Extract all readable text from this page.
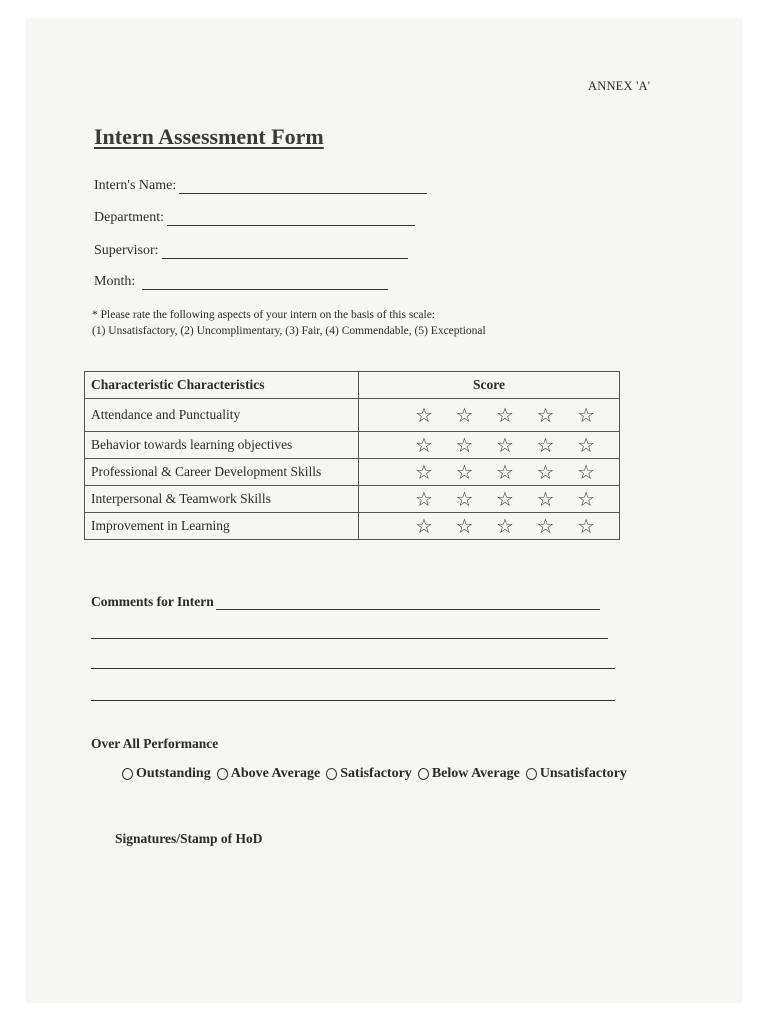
ANNEX 'A'
Intern Assessment Form
Intern's Name:
Department:
Supervisor:
Month:
* Please rate the following aspects of your intern on the basis of this scale:
(1) Unsatisfactory, (2) Uncomplimentary, (3) Fair, (4) Commendable, (5) Exceptional
Characteristic Characteristics	Score
Attendance and Punctuality	☆ ☆ ☆ ☆ ☆

Behavior towards learning objectives	☆ ☆ ☆ ☆ ☆

Professional & Career Development Skills	☆ ☆ ☆ ☆ ☆

Interpersonal & Teamwork Skills	☆ ☆ ☆ ☆ ☆

Improvement in Learning	☆ ☆ ☆ ☆ ☆
Comments for Intern
Over All Performance
Outstanding Above Average Satisfactory Below Average Unsatisfactory
Signatures/Stamp of HoD
